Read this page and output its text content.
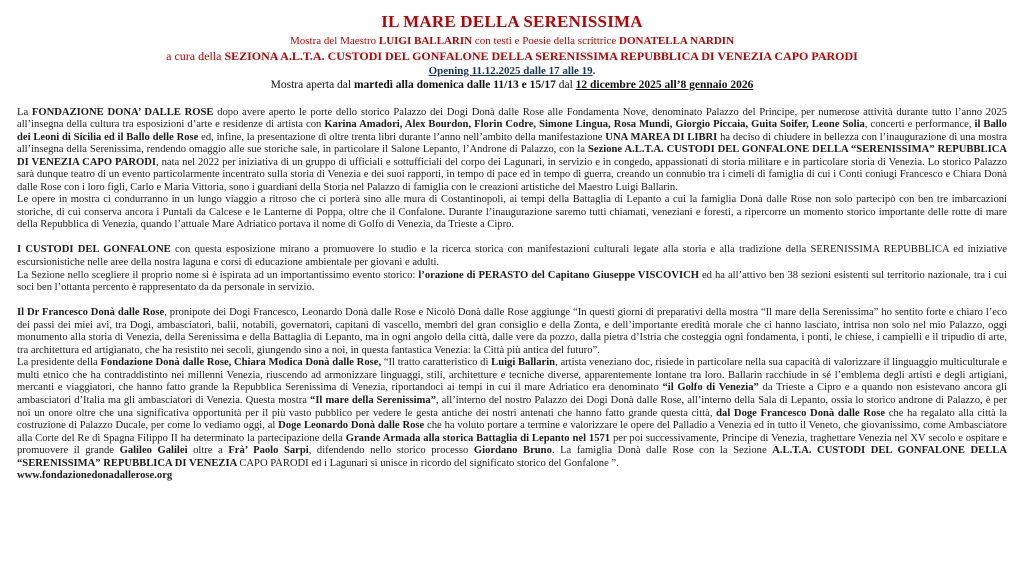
IL MARE DELLA SERENISSIMA

Mostra del Maestro LUIGI BALLARIN con testi e Poesie della scrittrice DONATELLA NARDIN

a cura della SEZIONA A.L.T.A. CUSTODI DEL GONFALONE DELLA SERENISSIMA REPUBBLICA DI VENEZIA CAPO PARODI

Opening 11.12.2025 dalle 17 alle 19.

Mostra aperta dal martedì alla domenica dalle 11/13 e 15/17 dal 12 dicembre 2025 all’8 gennaio 2026

La FONDAZIONE DONA’ DALLE ROSE dopo avere aperto le porte dello storico Palazzo dei Dogi Donà dalle Rose alle Fondamenta Nove, denominato Palazzo del Principe, per numerose attività durante tutto l’anno 2025 all’insegna della cultura tra esposizioni d’arte e residenze di artista con Karina Amadori, Alex Bourdon, Florin Codre, Simone Lingua, Rosa Mundi, Giorgio Piccaia, Guita Soifer, Leone Solia, concerti e performance, il Ballo dei Leoni di Sicilia ed il Ballo delle Rose ed, infine, la presentazione di oltre trenta libri durante l’anno nell’ambito della manifestazione UNA MAREA DI LIBRI ha deciso di chiudere in bellezza con l’inaugurazione di una mostra all’insegna della Serenissima, rendendo omaggio alle sue storiche sale, in particolare il Salone Lepanto, l’Androne di Palazzo, con la Sezione A.L.T.A. CUSTODI DEL GONFALONE DELLA “SERENISSIMA” REPUBBLICA DI VENEZIA CAPO PARODI, nata nel 2022 per iniziativa di un gruppo di ufficiali e sottufficiali del corpo dei Lagunari, in servizio e in congedo, appassionati di storia militare e in particolare storia di Venezia. Lo storico Palazzo sarà dunque teatro di un evento particolarmente incentrato sulla storia di Venezia e dei suoi rapporti, in tempo di pace ed in tempo di guerra, creando un connubio tra i cimeli di famiglia di cui i Conti coniugi Francesco e Chiara Donà dalle Rose con i loro figli, Carlo e Maria Vittoria, sono i guardiani della Storia nel Palazzo di famiglia con le creazioni artistiche del Maestro Luigi Ballarin.

Le opere in mostra ci condurranno in un lungo viaggio a ritroso che ci porterà sino alle mura di Costantinopoli, ai tempi della Battaglia di Lepanto a cui la famiglia Donà dalle Rose non solo partecipò con ben tre imbarcazioni storiche, di cui conserva ancora i Puntali da Calcese e le Lanterne di Poppa, oltre che il Confalone. Durante l’inaugurazione saremo tutti chiamati, veneziani e foresti, a ripercorre un momento storico importante delle rotte di mare della Repubblica di Venezia, quando l’attuale Mare Adriatico portava il nome di Golfo di Venezia, da Trieste a Cipro.

I CUSTODI DEL GONFALONE con questa esposizione mirano a promuovere lo studio e la ricerca storica con manifestazioni culturali legate alla storia e alla tradizione della SERENISSIMA REPUBBLICA ed iniziative escursionistiche nelle aree della nostra laguna e corsi di educazione ambientale per giovani e adulti.

La Sezione nello scegliere il proprio nome si è ispirata ad un importantissimo evento storico: l’orazione di PERASTO del Capitano Giuseppe VISCOVICH ed ha all’attivo ben 38 sezioni esistenti sul territorio nazionale, tra i cui soci ben l’ottanta percento è rappresentato da da personale in servizio.

Il Dr Francesco Donà dalle Rose, pronipote dei Dogi Francesco, Leonardo Donà dalle Rose e Nicolò Donà dalle Rose aggiunge “In questi giorni di preparativi della mostra “Il mare della Serenissima” ho sentito forte e chiaro l’eco dei passi dei miei avi, tra Dogi, ambasciatori, balii, notabili, governatori, capitani di vascello, membri del gran consiglio e della Zonta, e dell’importante eredità morale che ci hanno lasciato, intrisa non solo nel mio Palazzo, oggi monumento alla storia di Venezia, della Serenissima e della Battaglia di Lepanto, ma in ogni angolo della città, dalle vere da pozzo, dalla pietra d’Istria che costeggia ogni fondamenta, i ponti, le chiese, i campielli e il tripudio di arte, tra architettura ed artigianato, che ha resistito nei secoli, giungendo sino a noi, in questa fantastica Venezia: la Città più antica del futuro”.

La presidente della Fondazione Donà dalle Rose, Chiara Modica Donà dalle Rose, “Il tratto caratteristico di Luigi Ballarin, artista veneziano doc, risiede in particolare nella sua capacità di valorizzare il linguaggio multiculturale e multi etnico che ha contraddistinto nei millenni Venezia, riuscendo ad armonizzare linguaggi, stili, architetture e tecniche diverse, apparentemente lontane tra loro. Ballarin racchiude in sé l’emblema degli artisti e degli artigiani, mercanti e viaggiatori, che hanno fatto grande la Repubblica Serenissima di Venezia, riportandoci ai tempi in cui il mare Adriatico era denominato “il Golfo di Venezia” da Trieste a Cipro e a quando non esistevano ancora gli ambasciatori d’Italia ma gli ambasciatori di Venezia. Questa mostra “Il mare della Serenissima”, all’interno del nostro Palazzo dei Dogi Donà dalle Rose, all’interno della Sala di Lepanto, ossia lo storico androne di Palazzo, è per noi un onore oltre che una significativa opportunità per il più vasto pubblico per vedere le gesta antiche dei nostri antenati che hanno fatto grande questa città, dal Doge Francesco Donà dalle Rose che ha regalato alla città la costruzione di Palazzo Ducale, per come lo vediamo oggi, al Doge Leonardo Donà dalle Rose che ha voluto portare a termine e valorizzare le opere del Palladio a Venezia ed in tutto il Veneto, che giovanissimo, come Ambasciatore alla Corte del Re di Spagna Filippo II ha determinato la partecipazione della Grande Armada alla storica Battaglia di Lepanto nel 1571 per poi successivamente, Principe di Venezia, traghettare Venezia nel XV secolo e ospitare e promuovere il grande Galileo Galilei oltre a Frà’ Paolo Sarpi, difendendo nello storico processo Giordano Bruno. La famiglia Donà dalle Rose con la Sezione A.L.T.A. CUSTODI DEL GONFALONE DELLA “SERENISSIMA” REPUBBLICA DI VENEZIA CAPO PARODI ed i Lagunari si unisce in ricordo del significato storico del Gonfalone ”.

www.fondazionedonadallerose.org
